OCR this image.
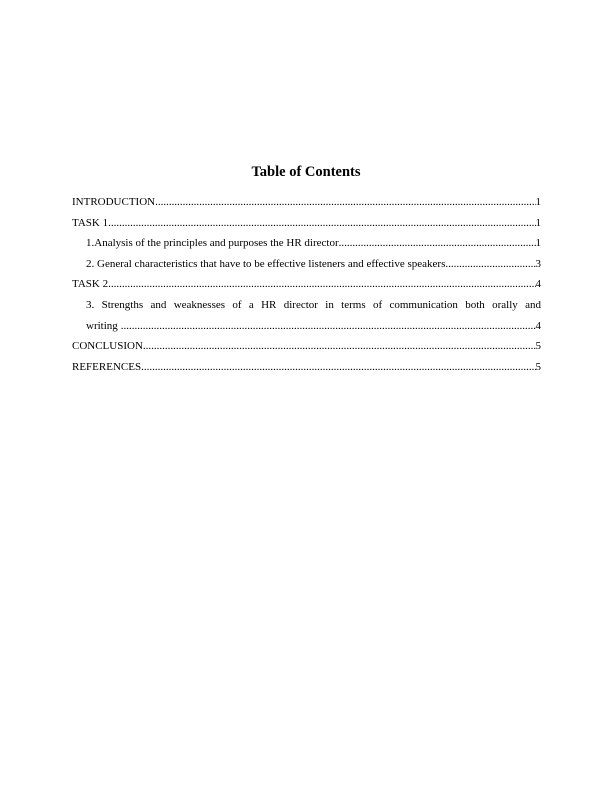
Table of Contents
INTRODUCTION .....	1
TASK 1 .....	1
1.Analysis of the principles and purposes the HR director .....	1
2. General characteristics that have to be effective listeners and effective speakers .....	3
TASK 2 .....	4
3. Strengths and weaknesses of a HR director in terms of communication both orally and
writing .....	4
CONCLUSION .....	5
REFERENCES .....	5
